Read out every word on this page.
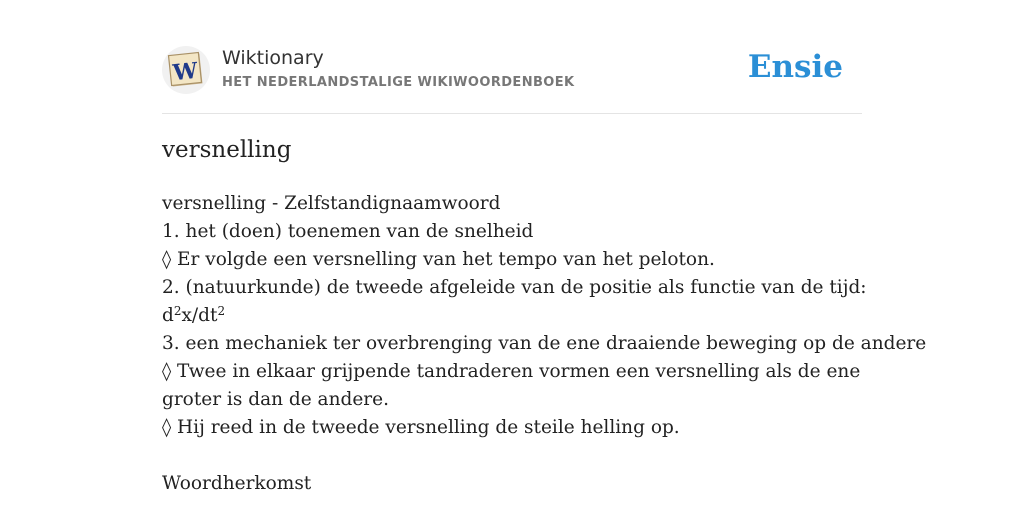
W Wiktionary
HET NEDERLANDSTALIGE WIKIWOORDENBOEK	Ensie
versnelling
versnelling - Zelfstandignaamwoord
1. het (doen) toenemen van de snelheid
◊ Er volgde een versnelling van het tempo van het peloton.
2. (natuurkunde) de tweede afgeleide van de positie als functie van de tijd:
$d^2x/dt^2$
3. een mechaniek ter overbrenging van de ene draaiende beweging op de andere
◊ Twee in elkaar grijpende tandraderen vormen een versnelling als de ene groter is dan de andere.
◊ Hij reed in de tweede versnelling de steile helling op.
Woordherkomst
